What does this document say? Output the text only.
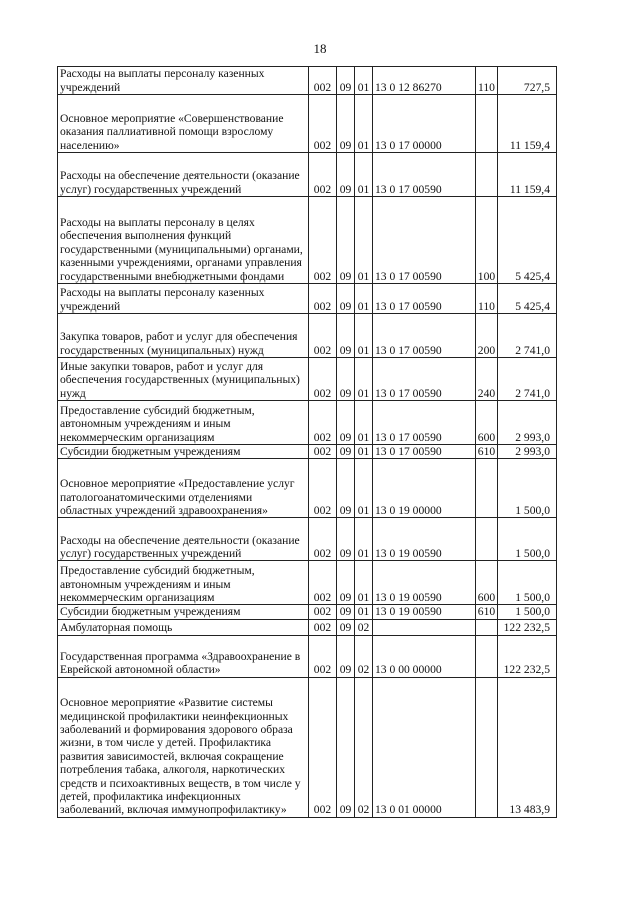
18
Расходы на выплаты персоналу казенных учреждений	002	09	01	13 0 12 86270	110	727,5
Основное мероприятие «Совершенствование оказания паллиативной помощи взрослому населению»	002	09	01	13 0 17 00000		11 159,4
Расходы на обеспечение деятельности (оказание услуг) государственных учреждений	002	09	01	13 0 17 00590		11 159,4
Расходы на выплаты персоналу в целях обеспечения выполнения функций государственными (муниципальными) органами, казенными учреждениями, органами управления государственными внебюджетными фондами	002	09	01	13 0 17 00590	100	5 425,4
Расходы на выплаты персоналу казенных учреждений	002	09	01	13 0 17 00590	110	5 425,4
Закупка товаров, работ и услуг для обеспечения государственных (муниципальных) нужд	002	09	01	13 0 17 00590	200	2 741,0
Иные закупки товаров, работ и услуг для обеспечения государственных (муниципальных) нужд	002	09	01	13 0 17 00590	240	2 741,0
Предоставление субсидий бюджетным, автономным учреждениям и иным некоммерческим организациям	002	09	01	13 0 17 00590	600	2 993,0
Субсидии бюджетным учреждениям	002	09	01	13 0 17 00590	610	2 993,0
Основное мероприятие «Предоставление услуг патологоанатомическими отделениями областных учреждений здравоохранения»	002	09	01	13 0 19 00000		1 500,0
Расходы на обеспечение деятельности (оказание услуг) государственных учреждений	002	09	01	13 0 19 00590		1 500,0
Предоставление субсидий бюджетным, автономным учреждениям и иным некоммерческим организациям	002	09	01	13 0 19 00590	600	1 500,0
Субсидии бюджетным учреждениям	002	09	01	13 0 19 00590	610	1 500,0
Амбулаторная помощь	002	09	02			122 232,5
Государственная программа «Здравоохранение в Еврейской автономной области»	002	09	02	13 0 00 00000		122 232,5
Основное мероприятие «Развитие системы медицинской профилактики неинфекционных заболеваний и формирования здорового образа жизни, в том числе у детей. Профилактика развития зависимостей, включая сокращение потребления табака, алкоголя, наркотических средств и психоактивных веществ, в том числе у детей, профилактика инфекционных заболеваний, включая иммунопрофилактику»	002	09	02	13 0 01 00000		13 483,9
